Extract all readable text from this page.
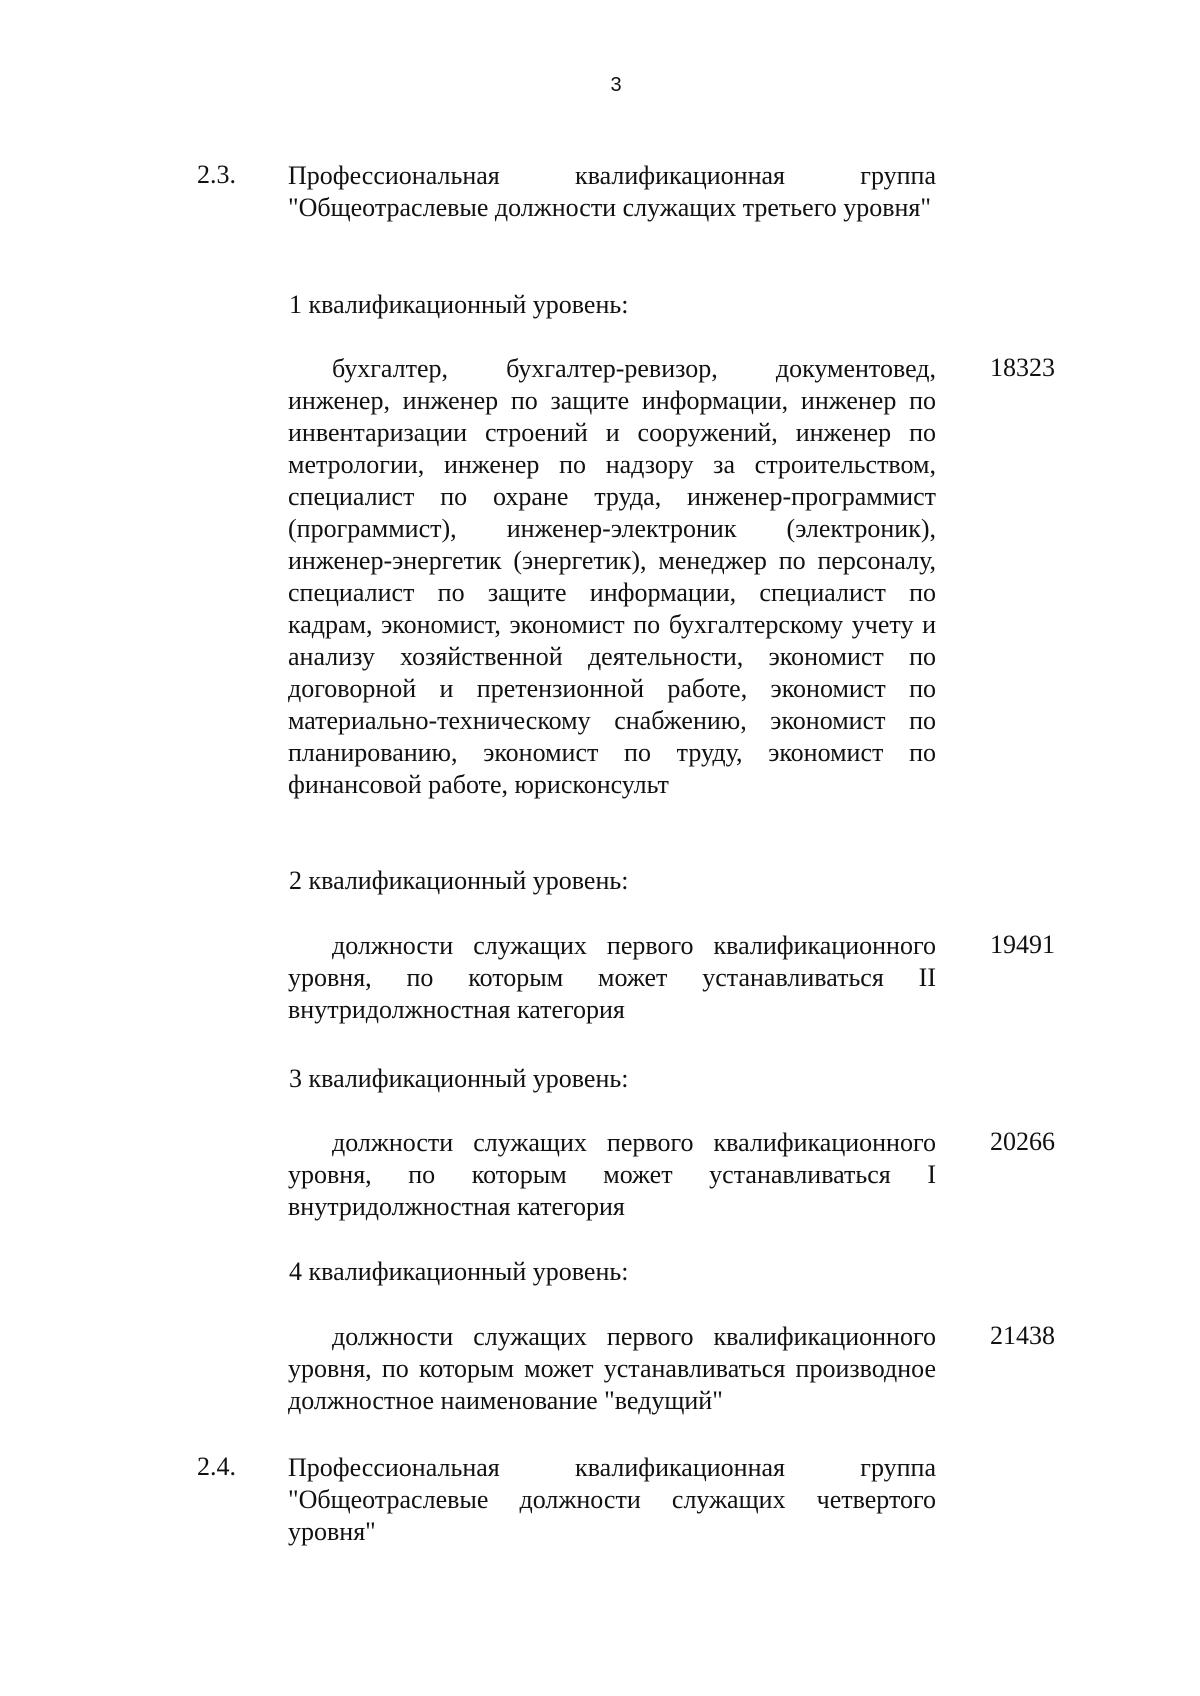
3
2.3. Профессиональная квалификационная группа "Общеотраслевые должности служащих третьего уровня"
1 квалификационный уровень:
бухгалтер, бухгалтер-ревизор, документовед, инженер, инженер по защите информации, инженер по инвентаризации строений и сооружений, инженер по метрологии, инженер по надзору за строительством, специалист по охране труда, инженер-программист (программист), инженер-электроник (электроник), инженер-энергетик (энергетик), менеджер по персоналу, специалист по защите информации, специалист по кадрам, экономист, экономист по бухгалтерскому учету и анализу хозяйственной деятельности, экономист по договорной и претензионной работе, экономист по материально-техническому снабжению, экономист по планированию, экономист по труду, экономист по финансовой работе, юрисконсульт
18323
2 квалификационный уровень:
должности служащих первого квалификационного уровня, по которым может устанавливаться II внутридолжностная категория
19491
3 квалификационный уровень:
должности служащих первого квалификационного уровня, по которым может устанавливаться I внутридолжностная категория
20266
4 квалификационный уровень:
должности служащих первого квалификационного уровня, по которым может устанавливаться производное должностное наименование "ведущий"
21438
2.4. Профессиональная квалификационная группа "Общеотраслевые должности служащих четвертого уровня"
